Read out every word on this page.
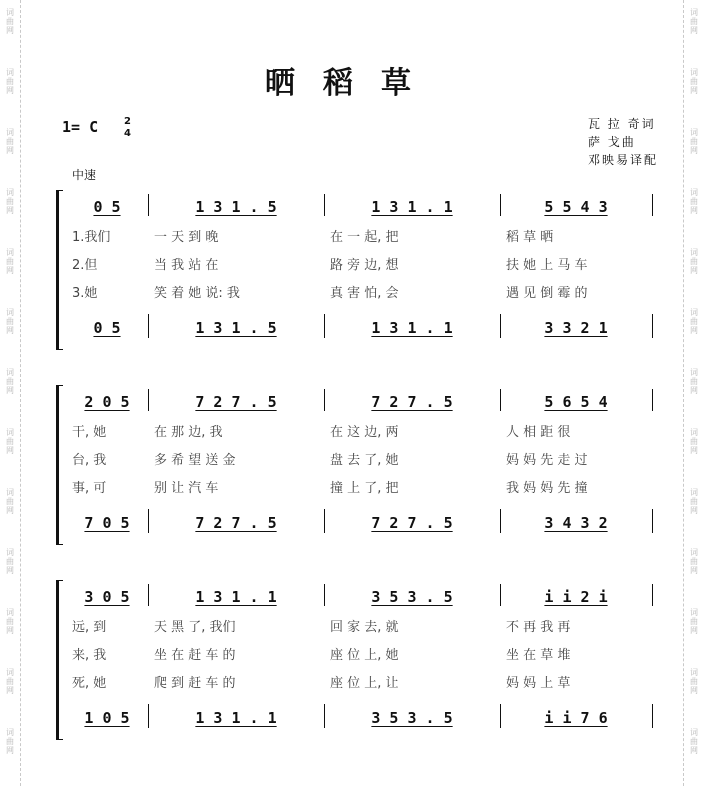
词
曲
网
词
曲
网
词
曲
网
词
曲
网
词
曲
网
词
曲
网
词
曲
网
词
曲
网
词
曲
网
词
曲
网
词
曲
网
词
曲
网
词
曲
网
词
曲
网
词
曲
网
词
曲
网
词
曲
网
词
曲
网
词
曲
网
词
曲
网
词
曲
网
词
曲
网
词
曲
网
词
曲
网
词
曲
网
词
曲
网
晒稻草
1= C	2
4
中速
瓦 拉 奇词
萨 戈曲
邓映易译配
0 5	1 3 1 . 5	1 3 1 . 1	5 5 4 3
1.我们	一 天 到 晚	在 一 起, 把	稻 草 晒
2.但	当 我 站 在	路 旁 边, 想	扶 她 上 马 车
3.她	笑 着 她 说: 我	真 害 怕, 会	遇 见 倒 霉 的
0 5	1 3 1 . 5	1 3 1 . 1	3 3 2 1
2 0 5	7 2 7 . 5	7 2 7 . 5	5 6 5 4
干, 她	在 那 边, 我	在 这 边, 两	人 相 距 很
台, 我	多 希 望 送 金	盘 去 了, 她	妈 妈 先 走 过
事, 可	别 让 汽 车	撞 上 了, 把	我 妈 妈 先 撞
7 0 5	7 2 7 . 5	7 2 7 . 5	3 4 3 2
3 0 5	1 3 1 . 1	3 5 3 . 5	i i 2 i
远, 到	天 黑 了, 我们	回 家 去, 就	不 再 我 再
来, 我	坐 在 赶 车 的	座 位 上, 她	坐 在 草 堆
死, 她	爬 到 赶 车 的	座 位 上, 让	妈 妈 上 草
1 0 5	1 3 1 . 1	3 5 3 . 5	i i 7 6
